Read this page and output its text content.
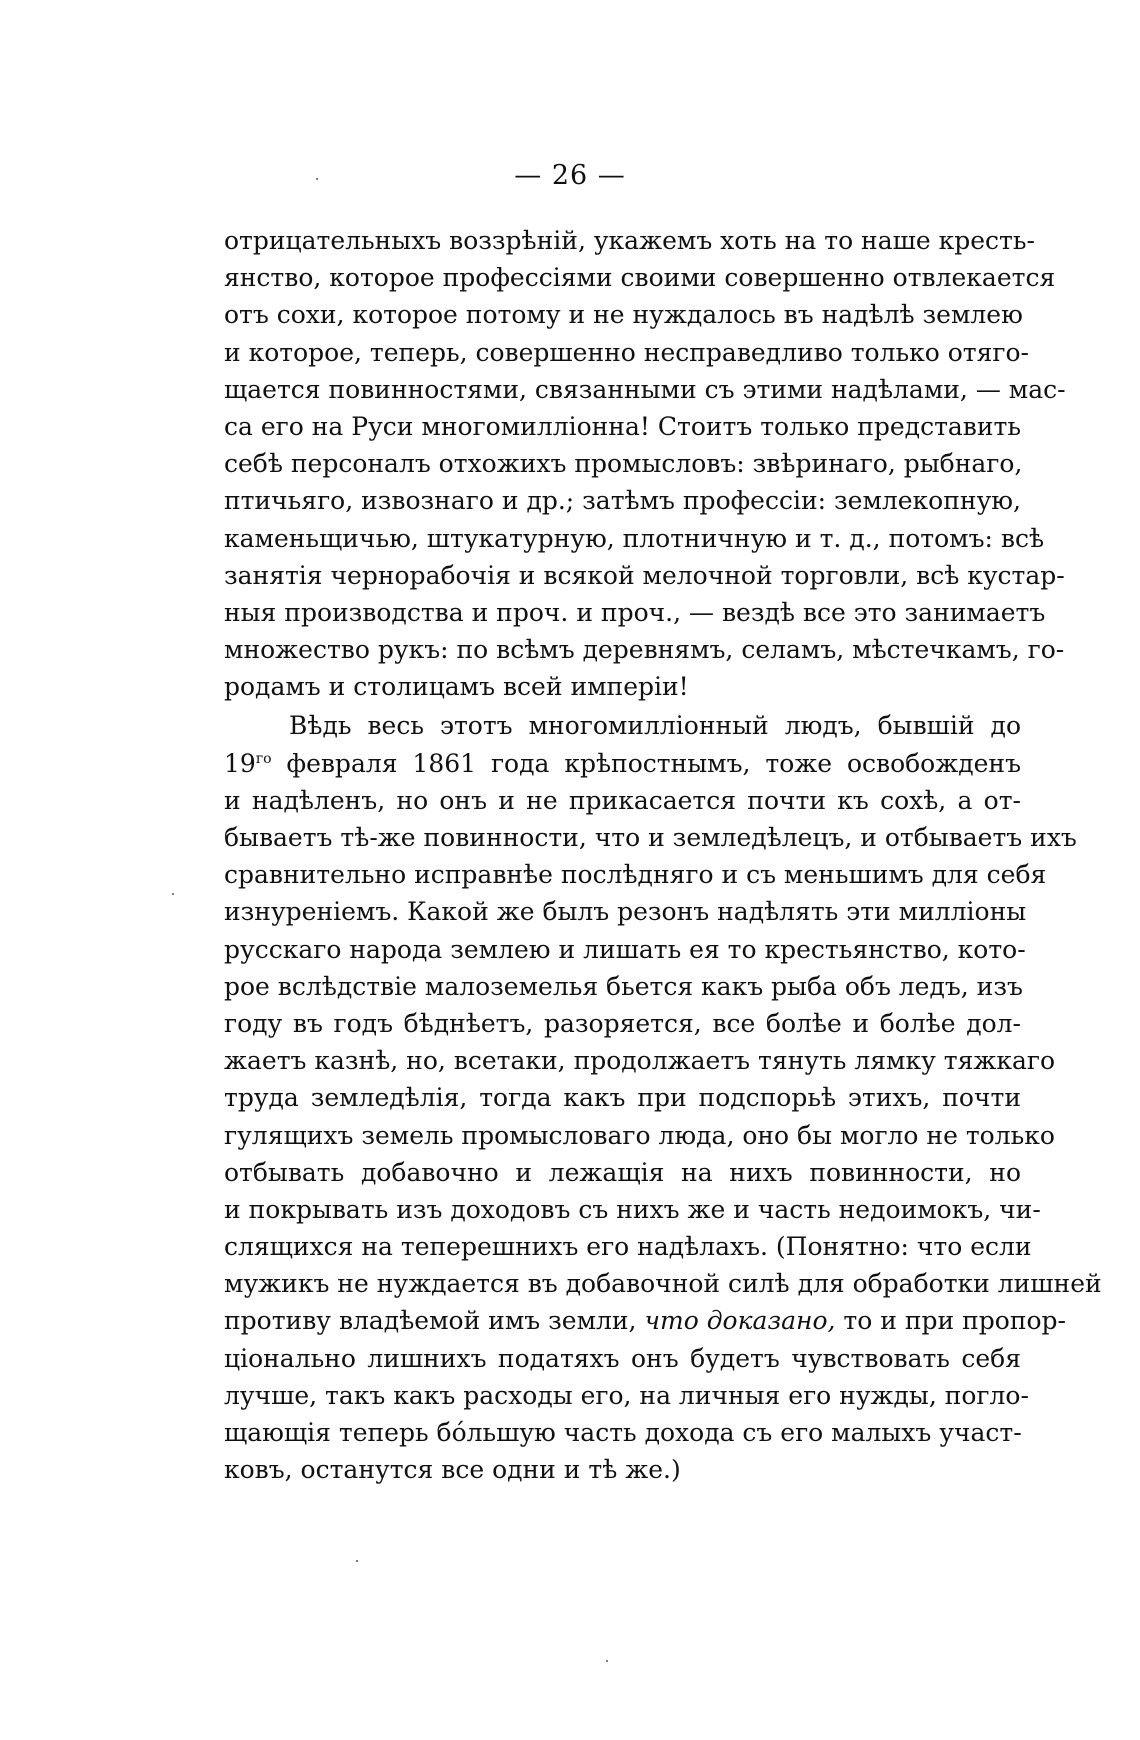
— 26 —
отрицательныхъ воззрѣній, укажемъ хоть на то наше кресть-
янство, которое профессіями своими совершенно отвлекается
отъ сохи, которое потому и не нуждалось въ надѣлѣ землею
и которое, теперь, совершенно несправедливо только отяго-
щается повинностями, связанными съ этими надѣлами, — мас-
са его на Руси многомилліонна! Стоитъ только представить
себѣ персоналъ отхожихъ промысловъ: звѣринаго, рыбнаго,
птичьяго, извознаго и др.; затѣмъ профессіи: землекопную,
каменьщичью, штукатурную, плотничную и т. д., потомъ: всѣ
занятія чернорабочія и всякой мелочной торговли, всѣ кустар-
ныя производства и проч. и проч., — вездѣ все это занимаетъ
множество рукъ: по всѣмъ деревнямъ, селамъ, мѣстечкамъ, го-
родамъ и столицамъ всей имперіи!
Вѣдь весь этотъ многомилліонный людъ, бывшій до
$19^{го}$ февраля 1861 года крѣпостнымъ, тоже освобожденъ
и надѣленъ, но онъ и не прикасается почти къ сохѣ, а от-
бываетъ тѣ-же повинности, что и земледѣлецъ, и отбываетъ ихъ
сравнительно исправнѣе послѣдняго и съ меньшимъ для себя
изнуреніемъ. Какой же былъ резонъ надѣлять эти милліоны
русскаго народа землею и лишать ея то крестьянство, кото-
рое вслѣдствіе малоземелья бьется какъ рыба объ ледъ, изъ
году въ годъ бѣднѣетъ, разоряется, все болѣе и болѣе дол-
жаетъ казнѣ, но, всетаки, продолжаетъ тянуть лямку тяжкаго
труда земледѣлія, тогда какъ при подспорьѣ этихъ, почти
гулящихъ земель промысловаго люда, оно бы могло не только
отбывать добавочно и лежащія на нихъ повинности, но
и покрывать изъ доходовъ съ нихъ же и часть недоимокъ, чи-
слящихся на теперешнихъ его надѣлахъ. (Понятно: что если
мужикъ не нуждается въ добавочной силѣ для обработки лишней
противу владѣемой имъ земли, что доказано, то и при пропор-
ціонально лишнихъ податяхъ онъ будетъ чувствовать себя
лучше, такъ какъ расходы его, на личныя его нужды, погло-
щающія теперь бóльшую часть дохода съ его малыхъ участ-
ковъ, останутся все одни и тѣ же.)
